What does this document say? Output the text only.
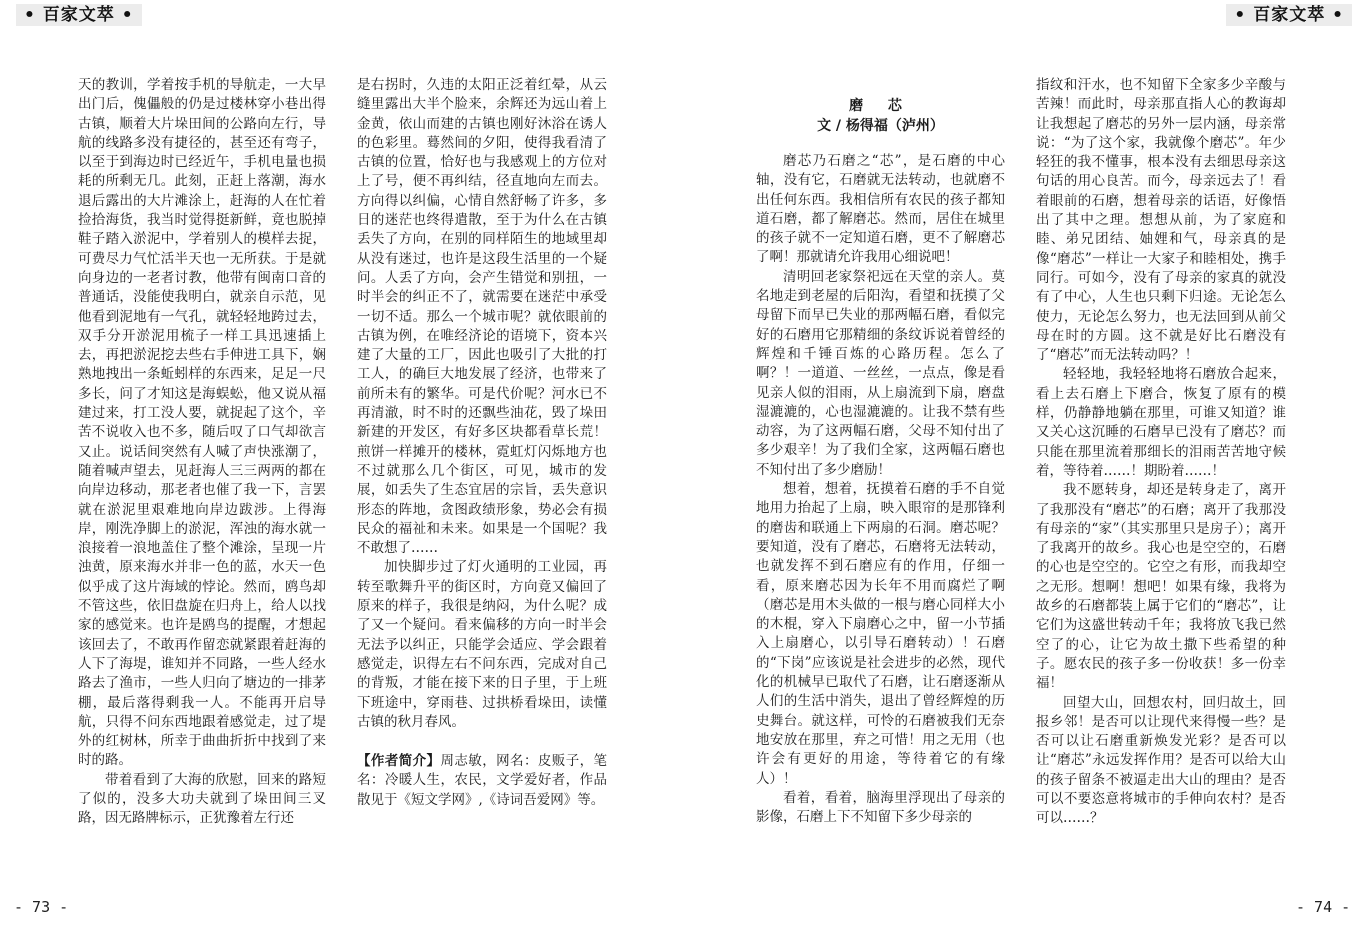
• 百家文萃 •	• 百家文萃 •

天的教训，学着按手机的导航走，一大早出门后，傀儡般的仍是过楼林穿小巷出得古镇，顺着大片垛田间的公路向左行，导航的线路多没有捷径的，甚至还有弯子，以至于到海边时已经近午，手机电量也损耗的所剩无几。此刻，正赶上落潮，海水退后露出的大片滩涂上，赶海的人在忙着捡拾海货，我当时觉得挺新鲜，竟也脱掉鞋子踏入淤泥中，学着别人的模样去捉，可费尽力气忙活半天也一无所获。于是就向身边的一老者讨教，他带有闽南口音的普通话，没能使我明白，就亲自示范，见他看到泥地有一气孔，就轻轻地跨过去，双手分开淤泥用梳子一样工具迅速插上去，再把淤泥挖去些右手伸进工具下，娴熟地拽出一条蚯蚓样的东西来，足足一尺多长，问了才知这是海蜈蚣，他又说从福建过来，打工没人要，就捉起了这个，辛苦不说收入也不多，随后叹了口气却欲言又止。说话间突然有人喊了声快涨潮了，随着喊声望去，见赶海人三三两两的都在向岸边移动，那老者也催了我一下，言罢就在淤泥里艰难地向岸边跋涉。上得海岸，刚洗净脚上的淤泥，浑浊的海水就一浪接着一浪地盖住了整个滩涂，呈现一片浊黄，原来海水并非一色的蓝，水天一色似乎成了这片海域的悖论。然而，鸥鸟却不管这些，依旧盘旋在归舟上，给人以找家的感觉来。也许是鸥鸟的提醒，才想起该回去了，不敢再作留恋就紧跟着赶海的人下了海堤，谁知并不同路，一些人经水路去了渔市，一些人归向了塘边的一排茅棚，最后落得剩我一人。不能再开启导航，只得不问东西地跟着感觉走，过了堤外的红树林，所幸于曲曲折折中找到了来时的路。

带着看到了大海的欣慰，回来的路短了似的，没多大功夫就到了垛田间三叉路，因无路牌标示，正犹豫着左行还

是右拐时，久违的太阳正泛着红晕，从云缝里露出大半个脸来，余辉还为远山着上金黄，依山而建的古镇也刚好沐浴在诱人的色彩里。蓦然间的夕阳，使得我看清了古镇的位置，恰好也与我感观上的方位对上了号，便不再纠结，径直地向左而去。方向得以纠偏，心情自然舒畅了许多，多日的迷茫也终得遣散，至于为什么在古镇丢失了方向，在别的同样陌生的地域里却从没有迷过，也许是这段生活里的一个疑问。人丢了方向，会产生错觉和别扭，一时半会的纠正不了，就需要在迷茫中承受一切不适。那么一个城市呢？就依眼前的古镇为例，在唯经济论的语境下，资本兴建了大量的工厂，因此也吸引了大批的打工人，的确巨大地发展了经济，也带来了前所未有的繁华。可是代价呢？河水已不再清澈，时不时的还飘些油花，毁了垛田新建的开发区，有好多区块都看草长荒！煎饼一样摊开的楼林，霓虹灯闪烁地方也不过就那么几个街区，可见，城市的发展，如丢失了生态宜居的宗旨，丢失意识形态的阵地，贪图政绩形象，势必会有损民众的福祉和未来。如果是一个国呢？我不敢想了……

加快脚步过了灯火通明的工业园，再转至歌舞升平的街区时，方向竟又偏回了原来的样子，我很是纳闷，为什么呢？成了又一个疑问。看来偏移的方向一时半会无法予以纠正，只能学会适应、学会跟着感觉走，识得左右不问东西，完成对自己的背叛，才能在接下来的日子里，于上班下班途中，穿雨巷、过拱桥看垛田，读懂古镇的秋月春风。

【作者简介】周志敏，网名：皮贩子，笔名：冷暖人生，农民，文学爱好者，作品散见于《短文学网》,《诗词吾爱网》等。

磨 芯
文 / 杨得福（泸州）

磨芯乃石磨之“芯”，是石磨的中心轴，没有它，石磨就无法转动，也就磨不出任何东西。我相信所有农民的孩子都知道石磨，都了解磨芯。然而，居住在城里的孩子就不一定知道石磨，更不了解磨芯了啊！那就请允许我用心细说吧！

清明回老家祭祀远在天堂的亲人。莫名地走到老屋的后阳沟，看望和抚摸了父母留下而早已失业的那两幅石磨，看似完好的石磨用它那精细的条纹诉说着曾经的辉煌和千锤百炼的心路历程。怎么了啊？！一道道、一丝丝，一点点，像是看见亲人似的泪雨，从上扇流到下扇，磨盘湿漉漉的，心也湿漉漉的。让我不禁有些动容，为了这两幅石磨，父母不知付出了多少艰辛！为了我们全家，这两幅石磨也不知付出了多少磨励！

想着，想着，抚摸着石磨的手不自觉地用力抬起了上扇，映入眼帘的是那锋利的磨齿和联通上下两扇的石洞。磨芯呢？要知道，没有了磨芯，石磨将无法转动，也就发挥不到石磨应有的作用，仔细一看，原来磨芯因为长年不用而腐烂了啊（磨芯是用木头做的一根与磨心同样大小的木棍，穿入下扇磨心之中，留一小节插入上扇磨心，以引导石磨转动）！石磨的“下岗”应该说是社会进步的必然，现代化的机械早已取代了石磨，让石磨逐渐从人们的生活中消失，退出了曾经辉煌的历史舞台。就这样，可怜的石磨被我们无奈地安放在那里，弃之可惜！用之无用（也许会有更好的用途，等待着它的有缘人）！

看着，看着，脑海里浮现出了母亲的影像，石磨上下不知留下多少母亲的

指纹和汗水，也不知留下全家多少辛酸与苦辣！而此时，母亲那直指人心的教诲却让我想起了磨芯的另外一层内涵，母亲常说：“为了这个家，我就像个磨芯”。年少轻狂的我不懂事，根本没有去细思母亲这句话的用心良苦。而今，母亲远去了！看着眼前的石磨，想着母亲的话语，好像悟出了其中之理。想想从前，为了家庭和睦、弟兄团结、妯娌和气，母亲真的是像“磨芯”一样让一大家子和睦相处，携手同行。可如今，没有了母亲的家真的就没有了中心，人生也只剩下归途。无论怎么使力，无论怎么努力，也无法回到从前父母在时的方圆。这不就是好比石磨没有了“磨芯”而无法转动吗？！

轻轻地，我轻轻地将石磨放合起来，看上去石磨上下磨合，恢复了原有的模样，仍静静地躺在那里，可谁又知道？谁又关心这沉睡的石磨早已没有了磨芯？而只能在那里流着那细长的泪雨苦苦地守候着，等待着……！期盼着……！

我不愿转身，却还是转身走了，离开了我那没有“磨芯”的石磨；离开了我那没有母亲的“家”（其实那里只是房子）；离开了我离开的故乡。我心也是空空的，石磨的心也是空空的。它空之有形，而我却空之无形。想啊！想吧！如果有缘，我将为故乡的石磨都装上属于它们的“磨芯”，让它们为这盛世转动千年；我将放飞我已然空了的心，让它为故土撒下些希望的种子。愿农民的孩子多一份收获！多一份幸福！

回望大山，回想农村，回归故土，回报乡邻！是否可以让现代来得慢一些？是否可以让石磨重新焕发光彩？是否可以让“磨芯”永远发挥作用？是否可以给大山的孩子留条不被逼走出大山的理由？是否可以不要恣意将城市的手伸向农村？是否可以……？

- 73 -	- 74 -
